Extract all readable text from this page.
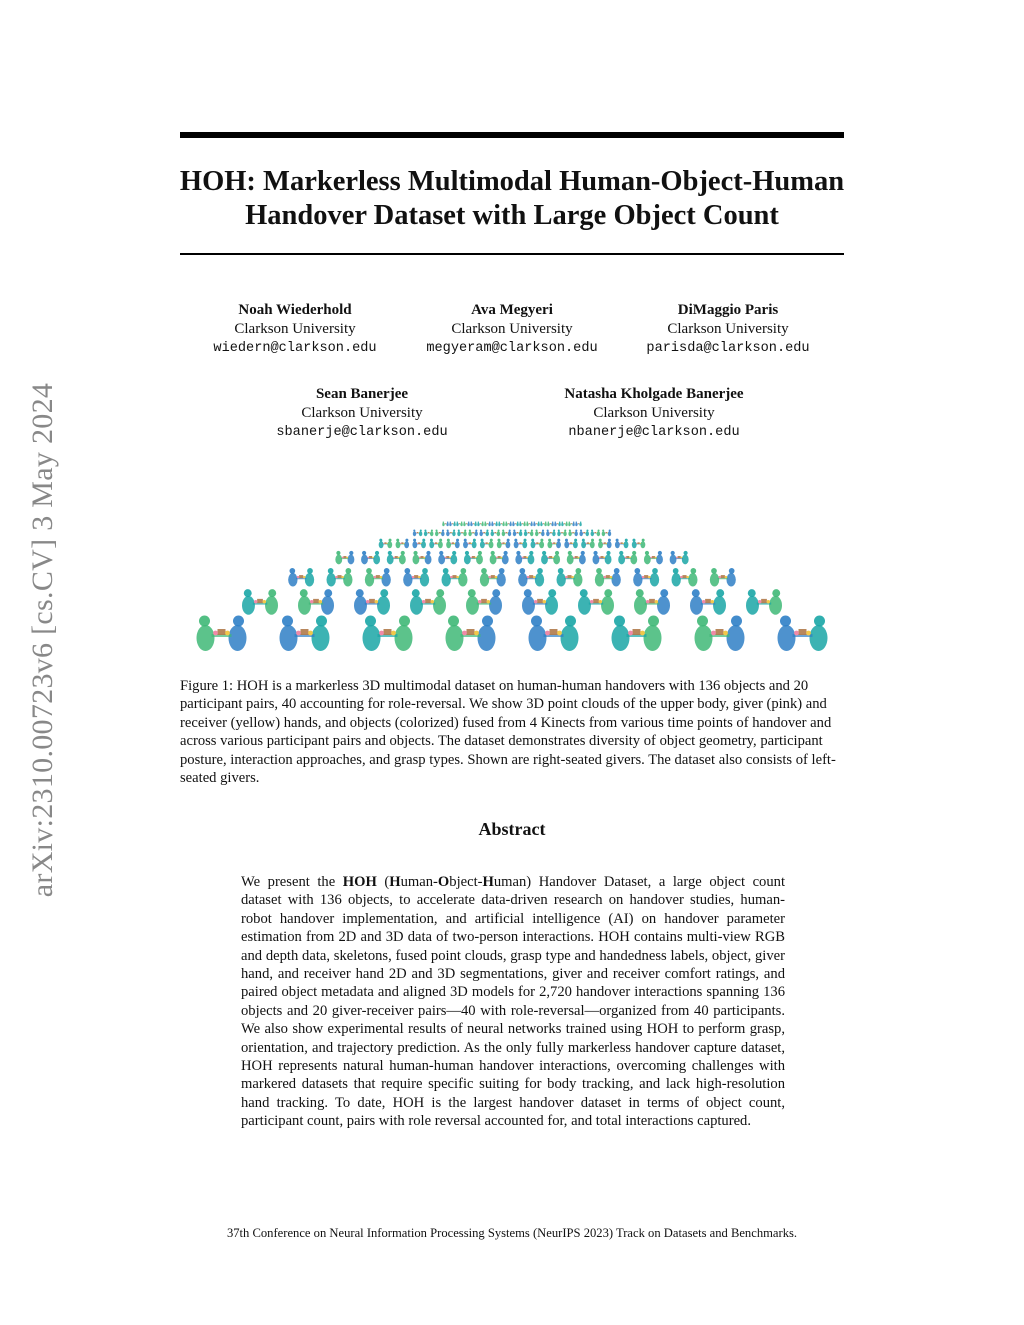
arXiv:2310.00723v6 [cs.CV] 3 May 2024
HOH: Markerless Multimodal Human-Object-Human
Handover Dataset with Large Object Count
Noah Wiederhold
Clarkson University
wiedern@clarkson.edu
Ava Megyeri
Clarkson University
megyeram@clarkson.edu
DiMaggio Paris
Clarkson University
parisda@clarkson.edu
Sean Banerjee
Clarkson University
sbanerje@clarkson.edu
Natasha Kholgade Banerjee
Clarkson University
nbanerje@clarkson.edu

Figure 1: HOH is a markerless 3D multimodal dataset on human-human handovers with 136 objects and 20 participant pairs, 40 accounting for role-reversal. We show 3D point clouds of the upper body, giver (pink) and receiver (yellow) hands, and objects (colorized) fused from 4 Kinects from various time points of handover and across various participant pairs and objects. The dataset demonstrates diversity of object geometry, participant posture, interaction approaches, and grasp types. Shown are right-seated givers. The dataset also consists of left-seated givers.

Abstract

We present the HOH (Human-Object-Human) Handover Dataset, a large object count dataset with 136 objects, to accelerate data-driven research on handover studies, human-robot handover implementation, and artificial intelligence (AI) on handover parameter estimation from 2D and 3D data of two-person interactions. HOH contains multi-view RGB and depth data, skeletons, fused point clouds, grasp type and handedness labels, object, giver hand, and receiver hand 2D and 3D segmentations, giver and receiver comfort ratings, and paired object metadata and aligned 3D models for 2,720 handover interactions spanning 136 objects and 20 giver-receiver pairs—40 with role-reversal—organized from 40 participants. We also show experimental results of neural networks trained using HOH to perform grasp, orientation, and trajectory prediction. As the only fully markerless handover capture dataset, HOH represents natural human-human handover interactions, overcoming challenges with markered datasets that require specific suiting for body tracking, and lack high-resolution hand tracking. To date, HOH is the largest handover dataset in terms of object count, participant count, pairs with role reversal accounted for, and total interactions captured.

37th Conference on Neural Information Processing Systems (NeurIPS 2023) Track on Datasets and Benchmarks.
